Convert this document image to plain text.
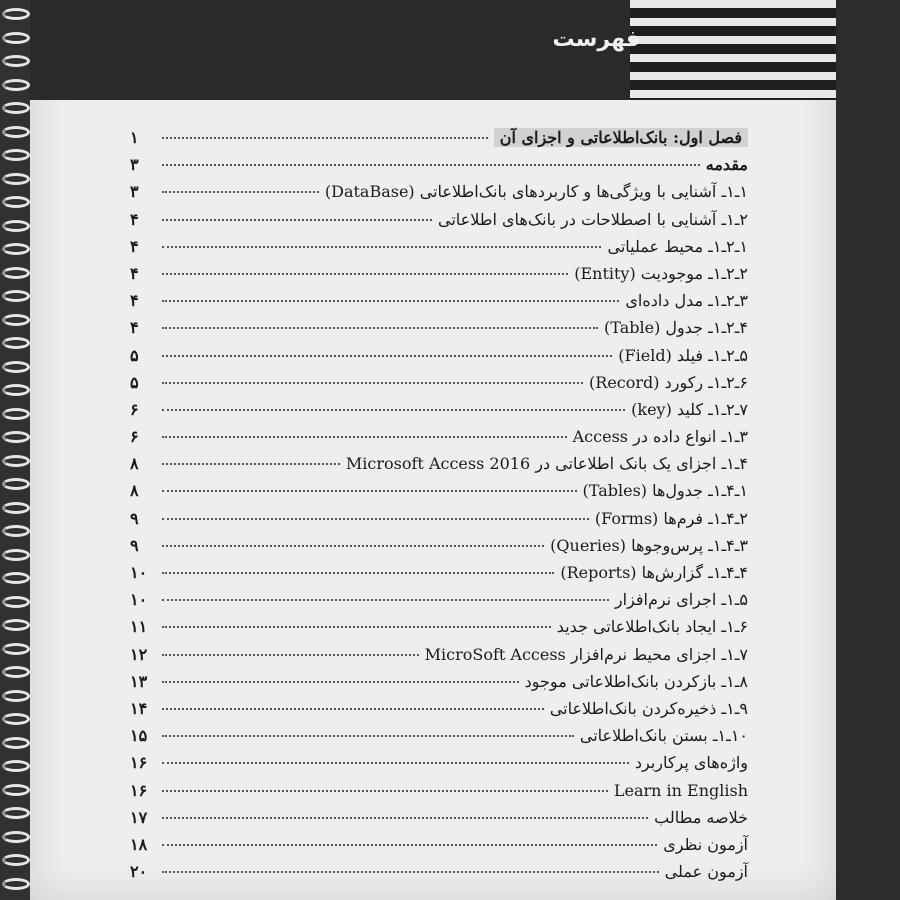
فهرست
فصل اول: بانک‌اطلاعاتی و اجزای آن
۱
مقدمه
۳
۱ـ۱ـ آشنایی با ویژگی‌ها و کاربردهای بانک‌اطلاعاتی (DataBase)
۳
۲ـ۱ـ آشنایی با اصطلاحات در بانک‌های اطلاعاتی
۴
۱ـ۲ـ۱ـ محیط عملیاتی
۴
۲ـ۲ـ۱ـ موجودیت (Entity)
۴
۳ـ۲ـ۱ـ مدل داده‌ای
۴
۴ـ۲ـ۱ـ جدول (Table)
۴
۵ـ۲ـ۱ـ فیلد (Field)
۵
۶ـ۲ـ۱ـ رکورد (Record)
۵
۷ـ۲ـ۱ـ کلید (key)
۶
۳ـ۱ـ انواع داده در Access
۶
۴ـ۱ـ اجزای یک بانک اطلاعاتی در Microsoft Access 2016
۸
۱ـ۴ـ۱ـ جدول‌ها (Tables)
۸
۲ـ۴ـ۱ـ فرم‌ها (Forms)
۹
۳ـ۴ـ۱ـ پرس‌وجوها (Queries)
۹
۴ـ۴ـ۱ـ گزارش‌ها (Reports)
۱۰
۵ـ۱ـ اجرای نرم‌افزار
۱۰
۶ـ۱ـ ایجاد بانک‌اطلاعاتی جدید
۱۱
۷ـ۱ـ اجزای محیط نرم‌افزار MicroSoft Access
۱۲
۸ـ۱ـ بازکردن بانک‌اطلاعاتی موجود
۱۳
۹ـ۱ـ ذخیره‌کردن بانک‌اطلاعاتی
۱۴
۱۰ـ۱ـ بستن بانک‌اطلاعاتی
۱۵
واژه‌های پرکاربرد
۱۶
Learn in English
۱۶
خلاصه مطالب
۱۷
آزمون نظری
۱۸
آزمون عملی
۲۰
